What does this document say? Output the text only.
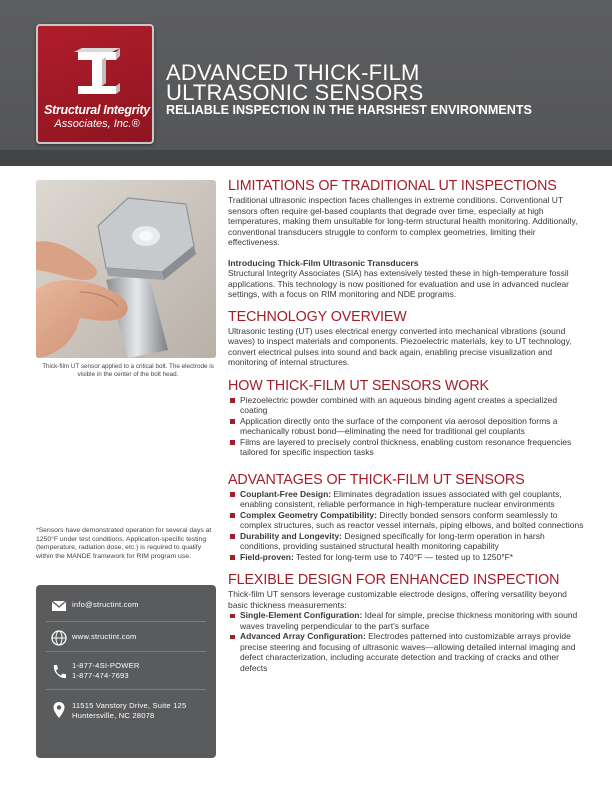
Structural Integrity
Associates, Inc.®
ADVANCED THICK-FILM
ULTRASONIC SENSORS
RELIABLE INSPECTION IN THE HARSHEST ENVIRONMENTS
Thick-film UT sensor applied to a critical bolt. The electrode is visible in the center of the bolt head.
*Sensors have demonstrated operation for several days at 1250°F under test conditions. Application-specific testing (temperature, radiation dose, etc.) is required to qualify within the MANDE framework for RIM program use.
info@structint.com
www.structint.com
1-877-4SI-POWER
1-877-474-7693
11515 Vanstory Drive, Suite 125
Huntersville, NC 28078
LIMITATIONS OF TRADITIONAL UT INSPECTIONS
Traditional ultrasonic inspection faces challenges in extreme conditions. Conventional UT sensors often require gel-based couplants that degrade over time, especially at high temperatures, making them unsuitable for long-term structural health monitoring. Additionally, conventional transducers struggle to conform to complex geometries, limiting their effectiveness.
Introducing Thick-Film Ultrasonic Transducers
Structural Integrity Associates (SIA) has extensively tested these in high-temperature fossil applications. This technology is now positioned for evaluation and use in advanced nuclear settings, with a focus on RIM monitoring and NDE programs.
TECHNOLOGY OVERVIEW
Ultrasonic testing (UT) uses electrical energy converted into mechanical vibrations (sound waves) to inspect materials and components. Piezoelectric materials, key to UT technology, convert electrical pulses into sound and back again, enabling precise visualization and monitoring of internal structures.
HOW THICK-FILM UT SENSORS WORK
Piezoelectric powder combined with an aqueous binding agent creates a specialized coating
Application directly onto the surface of the component via aerosol deposition forms a mechanically robust bond—eliminating the need for traditional gel couplants
Films are layered to precisely control thickness, enabling custom resonance frequencies tailored for specific inspection tasks
ADVANTAGES OF THICK-FILM UT SENSORS
Couplant-Free Design: Eliminates degradation issues associated with gel couplants, enabling consistent, reliable performance in high-temperature nuclear environments
Complex Geometry Compatibility: Directly bonded sensors conform seamlessly to complex structures, such as reactor vessel internals, piping elbows, and bolted connections
Durability and Longevity: Designed specifically for long-term operation in harsh conditions, providing sustained structural health monitoring capability
Field-proven: Tested for long-term use to 740°F — tested up to 1250°F*
FLEXIBLE DESIGN FOR ENHANCED INSPECTION
Thick-film UT sensors leverage customizable electrode designs, offering versatility beyond basic thickness measurements:
Single-Element Configuration: Ideal for simple, precise thickness monitoring with sound waves traveling perpendicular to the part's surface
Advanced Array Configuration: Electrodes patterned into customizable arrays provide precise steering and focusing of ultrasonic waves—allowing detailed internal imaging and defect characterization, including accurate detection and tracking of cracks and other defects
